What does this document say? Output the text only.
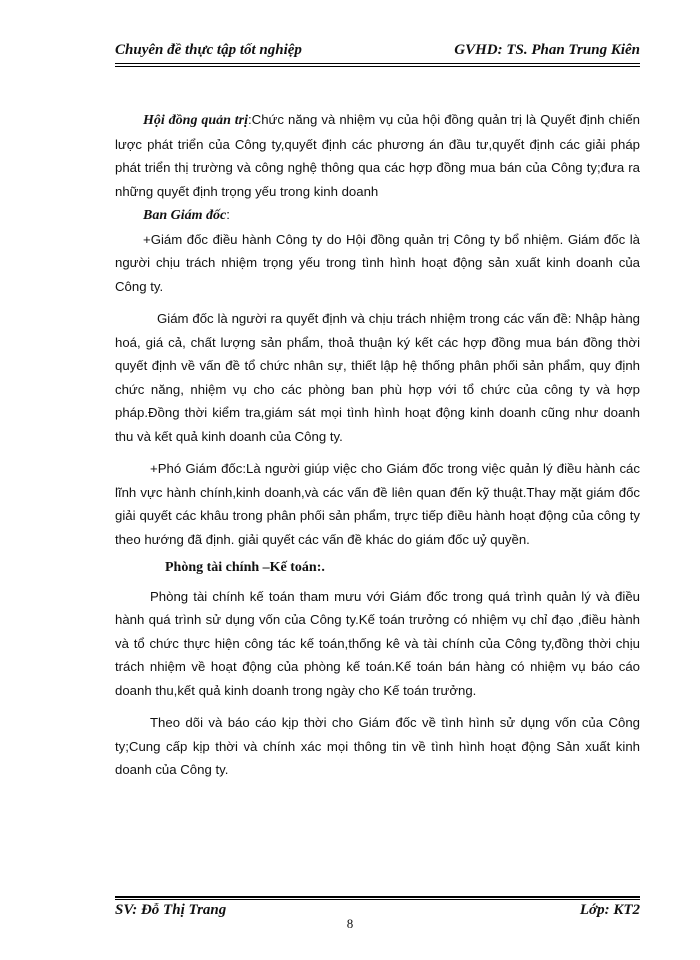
Chuyên đề thực tập tốt nghiệp	GVHD: TS. Phan Trung Kiên

Hội đồng quản trị:Chức năng và nhiệm vụ của hội đồng quản trị là Quyết định chiến lược phát triển của Công ty,quyết định các phương án đầu tư,quyết định các giải pháp phát triển thị trường và công nghệ thông qua các hợp đồng mua bán của Công ty;đưa ra những quyết định trọng yếu trong kinh doanh

Ban Giám đốc:

+Giám đốc điều hành Công ty do Hội đồng quản trị Công ty bổ nhiệm. Giám đốc là người chịu trách nhiệm trọng yếu trong tình hình hoạt động sản xuất kinh doanh của Công ty.

Giám đốc là người ra quyết định và chịu trách nhiệm trong các vấn đề: Nhập hàng hoá, giá cả, chất lượng sản phẩm, thoả thuận ký kết các hợp đồng mua bán đồng thời quyết định về vấn đề tổ chức nhân sự, thiết lập hệ thống phân phối sản phẩm, quy định chức năng, nhiệm vụ cho các phòng ban phù hợp với tổ chức của công ty và hợp pháp.Đồng thời kiểm tra,giám sát mọi tình hình hoạt động kinh doanh cũng như doanh thu và kết quả kinh doanh của Công ty.

+Phó Giám đốc:Là người giúp việc cho Giám đốc trong việc quản lý điều hành các lĩnh vực hành chính,kinh doanh,và các vấn đề liên quan đến kỹ thuật.Thay mặt giám đốc giải quyết các khâu trong phân phối sản phẩm, trực tiếp điều hành hoạt động của công ty theo hướng đã định. giải quyết các vấn đề khác do giám đốc uỷ quyền.

Phòng tài chính –Kế toán:.

Phòng tài chính kế toán tham mưu với Giám đốc trong quá trình quản lý và điều hành quá trình sử dụng vốn của Công ty.Kế toán trưởng có nhiệm vụ chỉ đạo ,điều hành và tổ chức thực hiện công tác kế toán,thống kê và tài chính của Công ty,đồng thời chịu trách nhiệm về hoạt động của phòng kế toán.Kế toán bán hàng có nhiệm vụ báo cáo doanh thu,kết quả kinh doanh trong ngày cho Kế toán trưởng.

Theo dõi và báo cáo kịp thời cho Giám đốc về tình hình sử dụng vốn của Công ty;Cung cấp kịp thời và chính xác mọi thông tin về tình hình hoạt động Sản xuất kinh doanh của Công ty.

SV: Đỗ Thị Trang	Lớp: KT2
8
